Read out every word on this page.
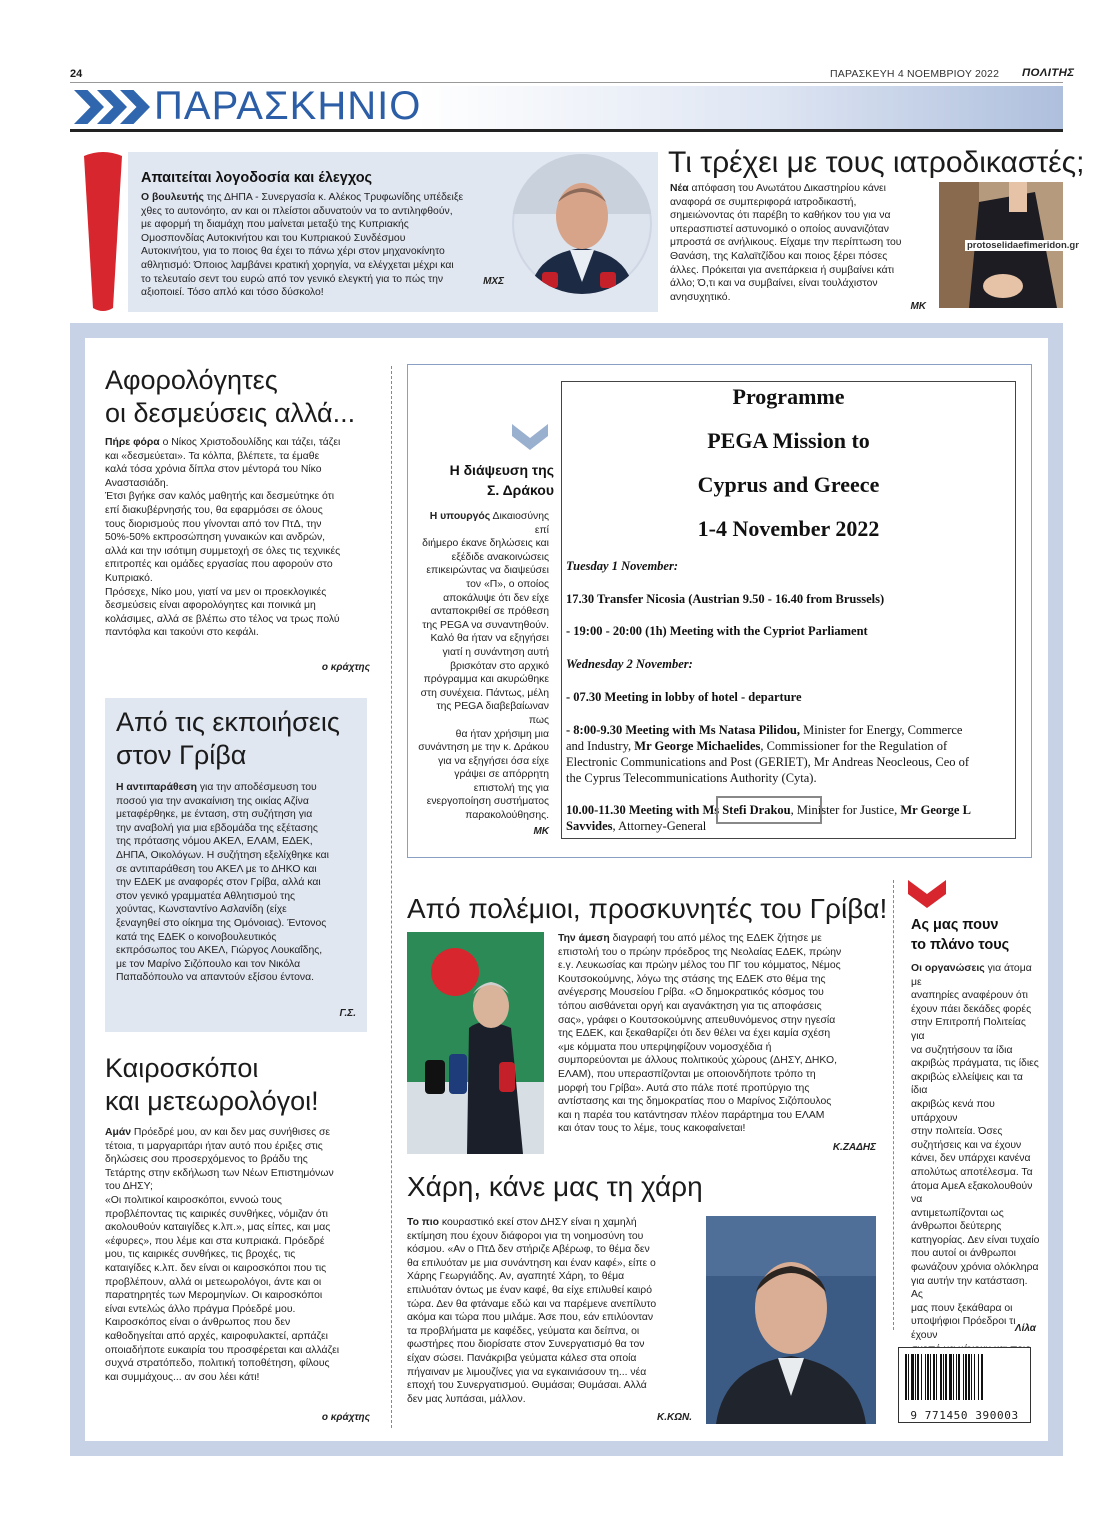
24	ΠΑΡΑΣΚΕΥΗ 4 ΝΟΕΜΒΡΙΟΥ 2022 ΠΟΛΙΤΗΣ
ΠΑΡΑΣΚΗΝΙΟ
Απαιτείται λογοδοσία και έλεγχος

Ο βουλευτής της ΔΗΠΑ - Συνεργασία κ. Αλέκος Τρυφωνίδης υπέδειξε

χθες το αυτονόητο, αν και οι πλείστοι αδυνατούν να το αντιληφθούν,

με αφορμή τη διαμάχη που μαίνεται μεταξύ της Κυπριακής

Ομοσπονδίας Αυτοκινήτου και του Κυπριακού Συνδέσμου

Αυτοκινήτου, για το ποιος θα έχει το πάνω χέρι στον μηχανοκίνητο

αθλητισμό: Όποιος λαμβάνει κρατική χορηγία, να ελέγχεται μέχρι και

το τελευταίο σεντ του ευρώ από τον γενικό ελεγκτή για το πώς την

αξιοποιεί. Τόσο απλό και τόσο δύσκολο!

ΜΧΣ
Τι τρέχει με τους ιατροδικαστές;

Νέα απόφαση του Ανωτάτου Δικαστηρίου κάνει

αναφορά σε συμπεριφορά ιατροδικαστή,

σημειώνοντας ότι παρέβη το καθήκον του για να

υπερασπιστεί αστυνομικό ο οποίος αυνανιζόταν

μπροστά σε ανήλικους. Είχαμε την περίπτωση του

Θανάση, της Καλαϊτζίδου και ποιος ξέρει πόσες

άλλες. Πρόκειται για ανεπάρκεια ή συμβαίνει κάτι

άλλο; Ό,τι και να συμβαίνει, είναι τουλάχιστον

ανησυχητικό.

ΜΚ
protoselidaefimeridon.gr
Αφορολόγητες
οι δεσμεύσεις αλλά...

Πήρε φόρα ο Νίκος Χριστοδουλίδης και τάζει, τάζει

και «δεσμεύεται». Τα κόλπα, βλέπετε, τα έμαθε

καλά τόσα χρόνια δίπλα στον μέντορά του Νίκο

Αναστασιάδη.

Έτσι βγήκε σαν καλός μαθητής και δεσμεύτηκε ότι

επί διακυβέρνησής του, θα εφαρμόσει σε όλους

τους διορισμούς που γίνονται από τον ΠτΔ, την

50%-50% εκπροσώπηση γυναικών και ανδρών,

αλλά και την ισότιμη συμμετοχή σε όλες τις τεχνικές

επιτροπές και ομάδες εργασίας που αφορούν στο

Κυπριακό.

Πρόσεχε, Νίκο μου, γιατί να μεν οι προεκλογικές

δεσμεύσεις είναι αφορολόγητες και ποινικά μη

κολάσιμες, αλλά σε βλέπω στο τέλος να τρως πολύ

παντόφλα και τακούνι στο κεφάλι.

ο κράχτης
Από τις εκποιήσεις
στον Γρίβα

Η αντιπαράθεση για την αποδέσμευση του

ποσού για την ανακαίνιση της οικίας Αζίνα

μεταφέρθηκε, με ένταση, στη συζήτηση για

την αναβολή για μια εβδομάδα της εξέτασης

της πρότασης νόμου ΑΚΕΛ, ΕΛΑΜ, ΕΔΕΚ,

ΔΗΠΑ, Οικολόγων. Η συζήτηση εξελίχθηκε και

σε αντιπαράθεση του ΑΚΕΛ με το ΔΗΚΟ και

την ΕΔΕΚ με αναφορές στον Γρίβα, αλλά και

στον γενικό γραμματέα Αθλητισμού της

χούντας, Κωνσταντίνο Ασλανίδη (είχε

ξεναγηθεί στο οίκημα της Ομόνοιας). Έντονος

κατά της ΕΔΕΚ ο κοινοβουλευτικός

εκπρόσωπος του ΑΚΕΛ, Γιώργος Λουκαΐδης,

με τον Μαρίνο Σιζόπουλο και τον Νικόλα

Παπαδόπουλο να απαντούν εξίσου έντονα.

Γ.Σ.
Καιροσκόποι
και μετεωρολόγοι!

Αμάν Πρόεδρέ μου, αν και δεν μας συνήθισες σε

τέτοια, τι μαργαριτάρι ήταν αυτό που έριξες στις

δηλώσεις σου προσερχόμενος το βράδυ της

Τετάρτης στην εκδήλωση των Νέων Επιστημόνων

του ΔΗΣΥ;

«Οι πολιτικοί καιροσκόποι, εννοώ τους

προβλέποντας τις καιρικές συνθήκες, νόμιζαν ότι

ακολουθούν καταιγίδες κ.λπ.», μας είπες, και μας

«έφυρες», που λέμε και στα κυπριακά. Πρόεδρέ

μου, τις καιρικές συνθήκες, τις βροχές, τις

καταιγίδες κ.λπ. δεν είναι οι καιροσκόποι που τις

προβλέπουν, αλλά οι μετεωρολόγοι, άντε και οι

παρατηρητές των Μερομηνίων. Οι καιροσκόποι

είναι εντελώς άλλο πράγμα Πρόεδρέ μου.

Καιροσκόπος είναι ο άνθρωπος που δεν

καθοδηγείται από αρχές, καιροφυλακτεί, αρπάζει

οποιαδήποτε ευκαιρία του προσφέρεται και αλλάζει

συχνά στρατόπεδο, πολιτική τοποθέτηση, φίλους

και συμμάχους... αν σου λέει κάτι!

ο κράχτης
Η διάψευση της
Σ. Δράκου

Η υπουργός Δικαιοσύνης επί

διήμερο έκανε δηλώσεις και

εξέδιδε ανακοινώσεις

επικειρώντας να διαψεύσει

τον «Π», ο οποίος

αποκάλυψε ότι δεν είχε

ανταποκριθεί σε πρόθεση

της PEGA να συναντηθούν.

Καλό θα ήταν να εξηγήσει

γιατί η συνάντηση αυτή

βρισκόταν στο αρχικό

πρόγραμμα και ακυρώθηκε

στη συνέχεια. Πάντως, μέλη

της PEGA διαβεβαίωναν πως

θα ήταν χρήσιμη μια

συνάντηση με την κ. Δράκου

για να εξηγήσει όσα είχε

γράψει σε απόρρητη

επιστολή της για

ενεργοποίηση συστήματος

παρακολούθησης.

ΜΚ
Programme
PEGA Mission to
Cyprus and Greece
1-4 November 2022
Tuesday 1 November:
17.30 Transfer Nicosia (Austrian 9.50 - 16.40 from Brussels)
- 19:00 - 20:00 (1h) Meeting with the Cypriot Parliament
Wednesday 2 November:
- 07.30 Meeting in lobby of hotel - departure
- 8:00-9.30 Meeting with Ms Natasa Pilidou, Minister for Energy, Commerce
and Industry, Mr George Michaelides, Commissioner for the Regulation of
Electronic Communications and Post (GERIET), Mr Andreas Neocleous, Ceo of
the Cyprus Telecommunications Authority (Cyta).
10.00-11.30 Meeting with Ms Stefi Drakou, Minister for Justice, Mr George L
Savvides, Attorney-General
Από πολέμιοι, προσκυνητές του Γρίβα!

Την άμεση διαγραφή του από μέλος της ΕΔΕΚ ζήτησε με

επιστολή του ο πρώην πρόεδρος της Νεολαίας ΕΔΕΚ, πρώην

ε.γ. Λευκωσίας και πρώην μέλος του ΠΓ του κόμματος, Νέμος

Κουτσοκούμνης, λόγω της στάσης της ΕΔΕΚ στο θέμα της

ανέγερσης Μουσείου Γρίβα. «Ο δημοκρατικός κόσμος του

τόπου αισθάνεται οργή και αγανάκτηση για τις αποφάσεις

σας», γράφει ο Κουτσοκούμνης απευθυνόμενος στην ηγεσία

της ΕΔΕΚ, και ξεκαθαρίζει ότι δεν θέλει να έχει καμία σχέση

«με κόμματα που υπερψηφίζουν νομοσχέδια ή

συμπορεύονται με άλλους πολιτικούς χώρους (ΔΗΣΥ, ΔΗΚΟ,

ΕΛΑΜ), που υπερασπίζονται με οποιονδήποτε τρόπο τη

μορφή του Γρίβα». Αυτά στο πάλε ποτέ προπύργιο της

αντίστασης και της δημοκρατίας που ο Μαρίνος Σιζόπουλος

και η παρέα του κατάντησαν πλέον παράρτημα του ΕΛΑΜ

και όταν τους το λέμε, τους κακοφαίνεται!

Κ.ΖΑΔΗΣ
Χάρη, κάνε μας τη χάρη

Το πιο κουραστικό εκεί στον ΔΗΣΥ είναι η χαμηλή

εκτίμηση που έχουν διάφοροι για τη νοημοσύνη του

κόσμου. «Αν ο ΠτΔ δεν στήριζε Αβέρωφ, το θέμα δεν

θα επιλυόταν με μια συνάντηση και έναν καφέ», είπε ο

Χάρης Γεωργιάδης. Αν, αγαπητέ Χάρη, το θέμα

επιλυόταν όντως με έναν καφέ, θα είχε επιλυθεί καιρό

τώρα. Δεν θα φτάναμε εδώ και να παρέμενε ανεπίλυτο

ακόμα και τώρα που μιλάμε. Άσε που, εάν επιλύονταν

τα προβλήματα με καφέδες, γεύματα και δείπνα, οι

φωστήρες που διορίσατε στον Συνεργατισμό θα τον

είχαν σώσει. Πανάκριβα γεύματα κάλεσ στα οποία

πήγαιναν με λιμουζίνες για να εγκαινιάσουν τη... νέα

εποχή του Συνεργατισμού. Θυμάσαι; Θυμάσαι. Αλλά

δεν μας λυπάσαι, μάλλον.

Κ.ΚΩΝ.
Ας μας πουν
το πλάνο τους

Οι οργανώσεις για άτομα με

αναπηρίες αναφέρουν ότι

έχουν πάει δεκάδες φορές

στην Επιτροπή Πολιτείας για

να συζητήσουν τα ίδια

ακριβώς πράγματα, τις ίδιες

ακριβώς ελλείψεις και τα ίδια

ακριβώς κενά που υπάρχουν

στην πολιτεία. Όσες

συζητήσεις και να έχουν

κάνει, δεν υπάρχει κανένα

απολύτως αποτέλεσμα. Τα

άτομα ΑμεΑ εξακολουθούν να

αντιμετωπίζονται ως

άνθρωποι δεύτερης

κατηγορίας. Δεν είναι τυχαίο

που αυτοί οι άνθρωποι

φωνάζουν χρόνια ολόκληρα

για αυτήν την κατάσταση. Ας

μας πουν ξεκάθαρα οι

υποψήφιοι Πρόεδροι τι έχουν

Λίλα
9 771450 390003
